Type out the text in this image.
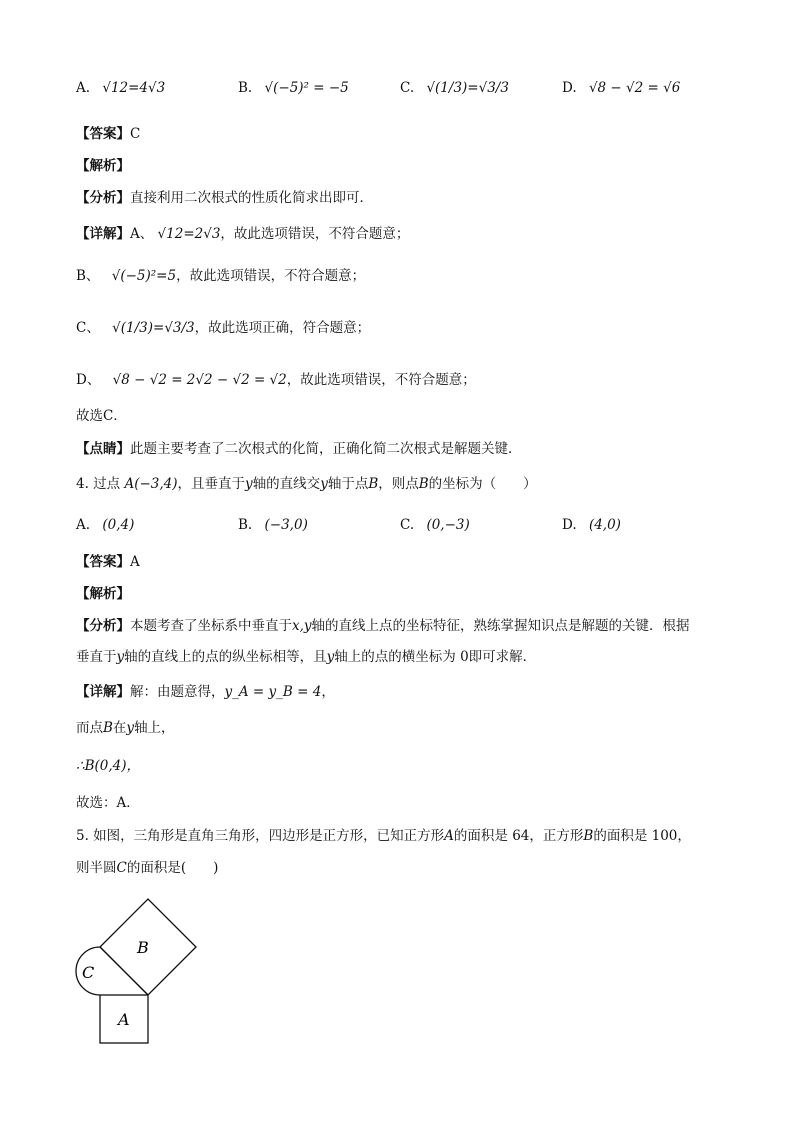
A. √12=4√3	B. √(−5)² = −5	C. √(1/3)=√3/3	D. √8 − √2 = √6
【答案】C
【解析】
【分析】直接利用二次根式的性质化简求出即可．
【详解】A、 √12=2√3，故此选项错误，不符合题意；
B、 √(−5)²=5，故此选项错误，不符合题意；
C、 √(1/3)=√3/3，故此选项正确，符合题意；
D、 √8 − √2 = 2√2 − √2 = √2，故此选项错误，不符合题意；
故选C．
【点睛】此题主要考查了二次根式的化简，正确化简二次根式是解题关键．
4. 过点 A(−3,4)，且垂直于y轴的直线交y轴于点B，则点B的坐标为（　　）
A. (0,4)	B. (−3,0)	C. (0,−3)	D. (4,0)
【答案】A
【解析】
【分析】本题考查了坐标系中垂直于x,y轴的直线上点的坐标特征，熟练掌握知识点是解题的关键．根据
垂直于y轴的直线上的点的纵坐标相等，且y轴上的点的横坐标为 0即可求解．
【详解】解：由题意得，y_A = y_B = 4，
而点B在y轴上，
∴B(0,4)，
故选：A．
5. 如图，三角形是直角三角形，四边形是正方形，已知正方形A的面积是 64，正方形B的面积是 100，
则半圆C的面积是(　　)
B
C
A
